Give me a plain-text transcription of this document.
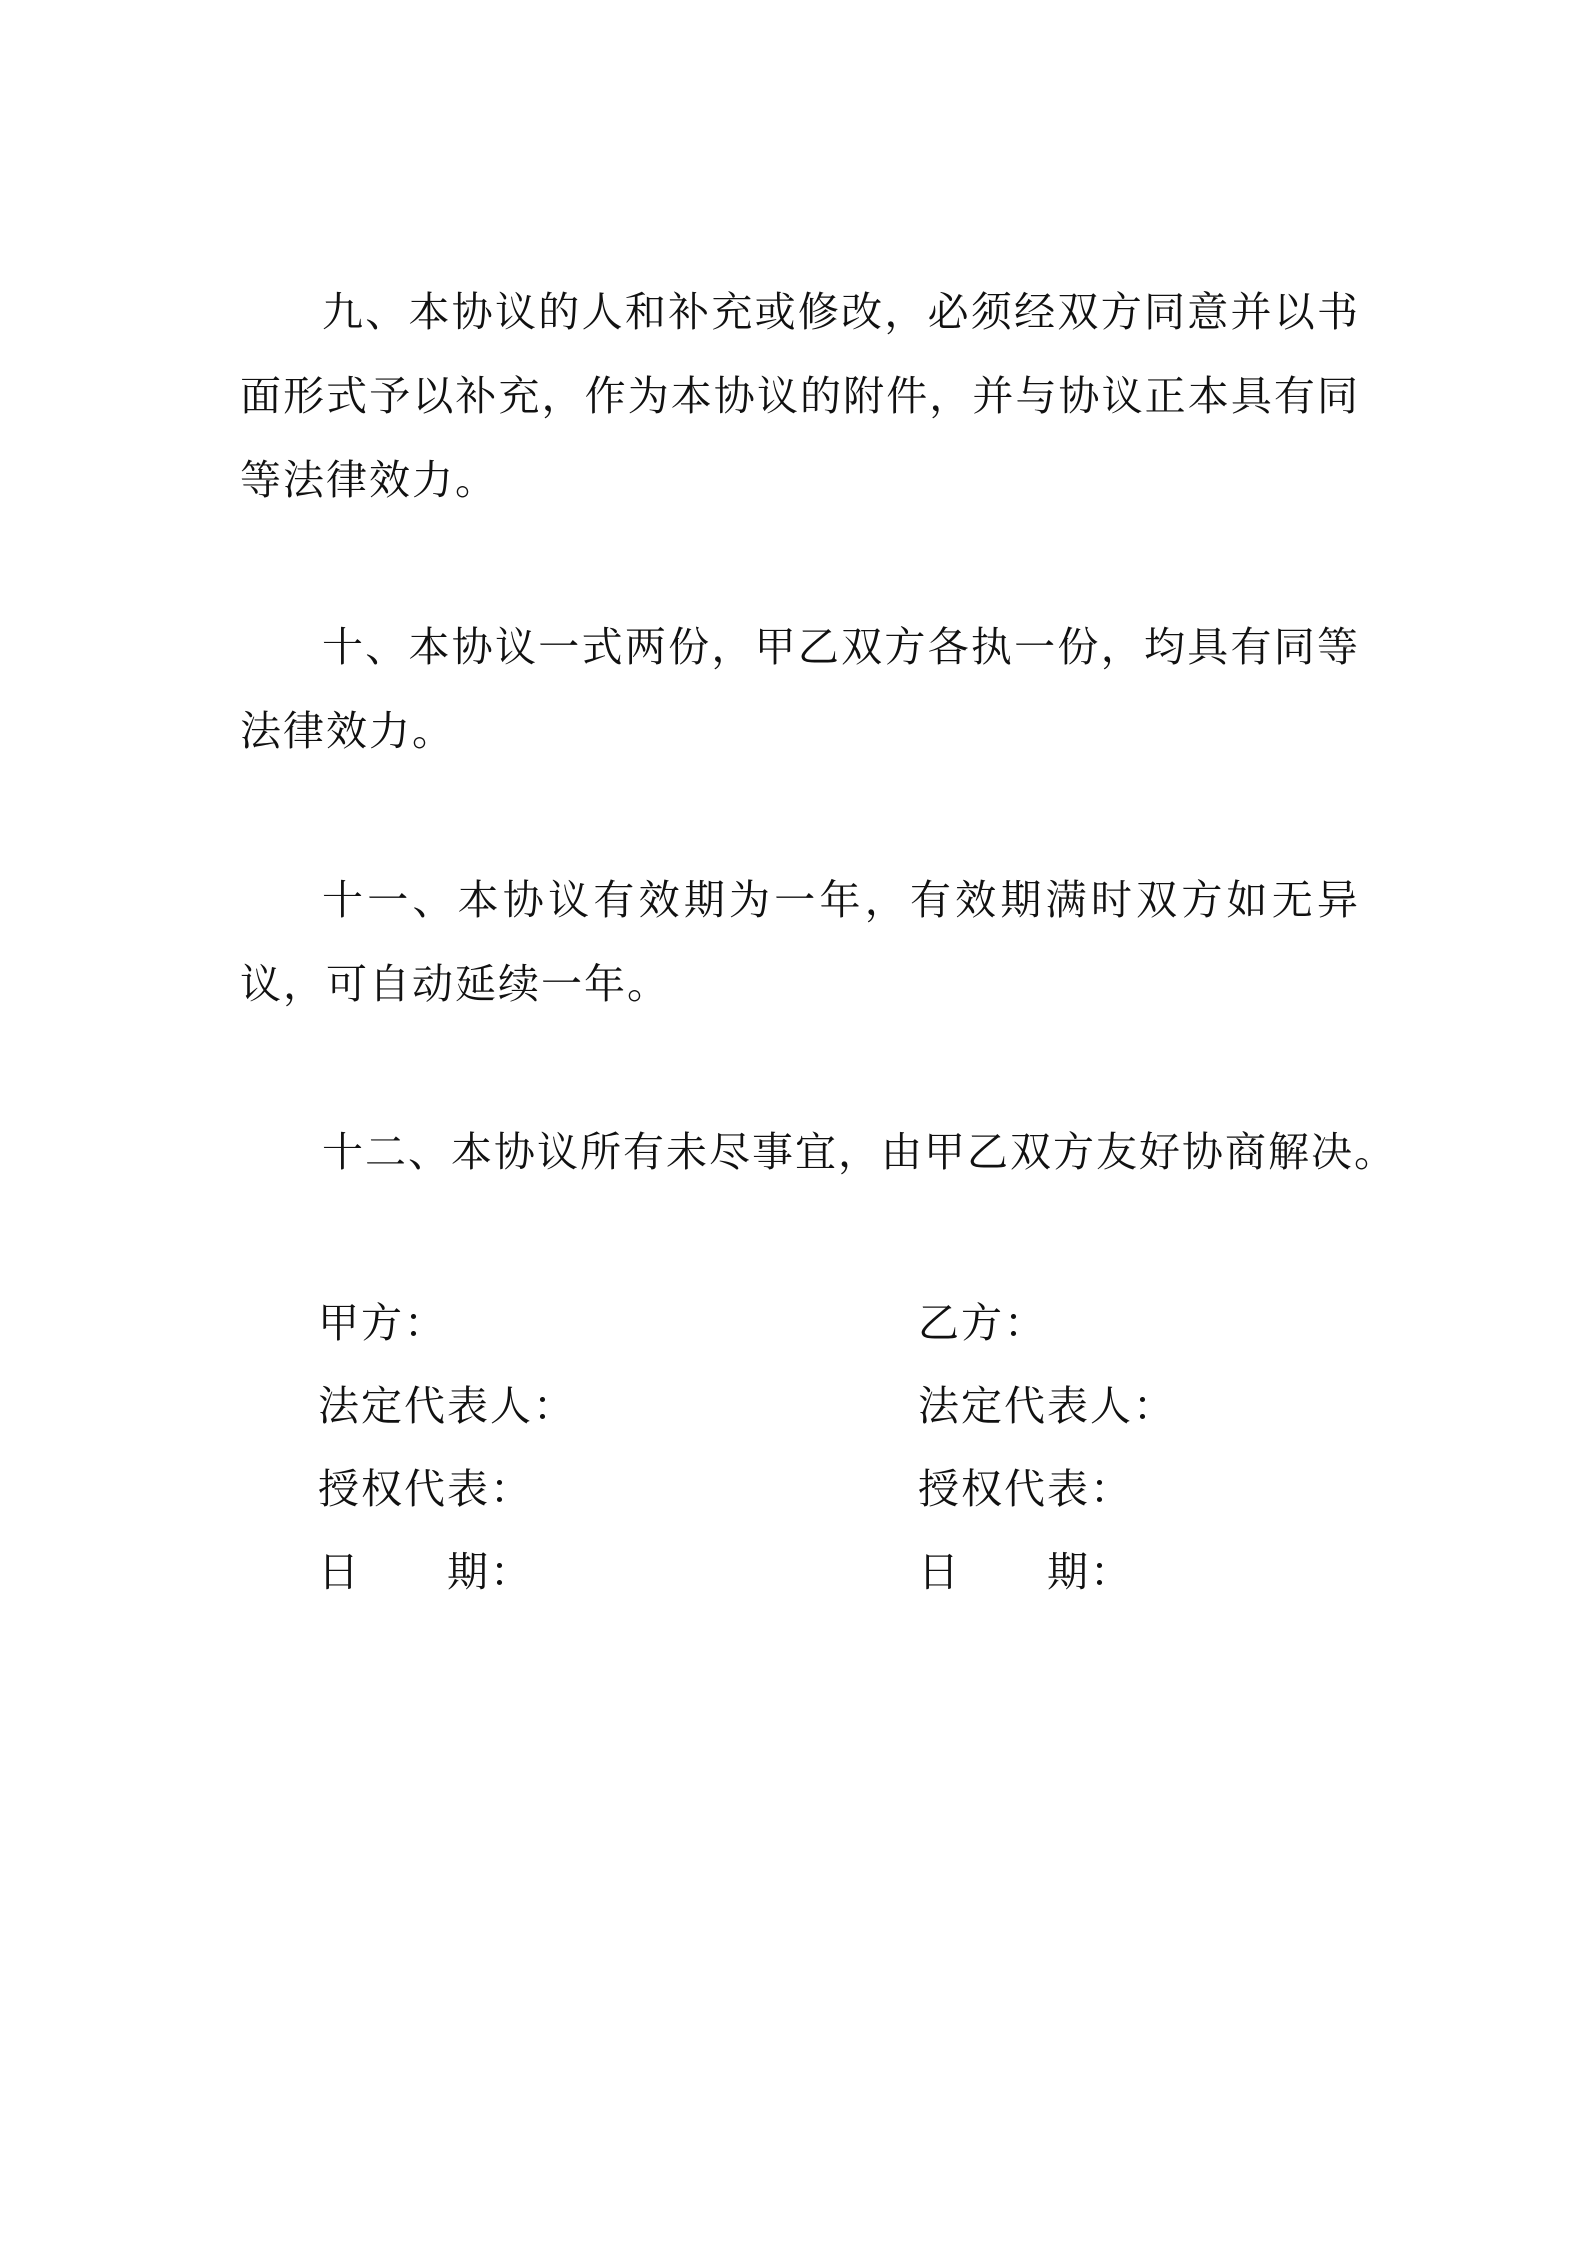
九、本协议的人和补充或修改，必须经双方同意并以书面形式予以补充，作为本协议的附件，并与协议正本具有同等法律效力。

十、本协议一式两份，甲乙双方各执一份，均具有同等法律效力。

十一、本协议有效期为一年，有效期满时双方如无异议，可自动延续一年。

十二、本协议所有未尽事宜，由甲乙双方友好协商解决。

甲方：
法定代表人：
授权代表：
日　　期：
乙方：
法定代表人：
授权代表：
日　　期：
